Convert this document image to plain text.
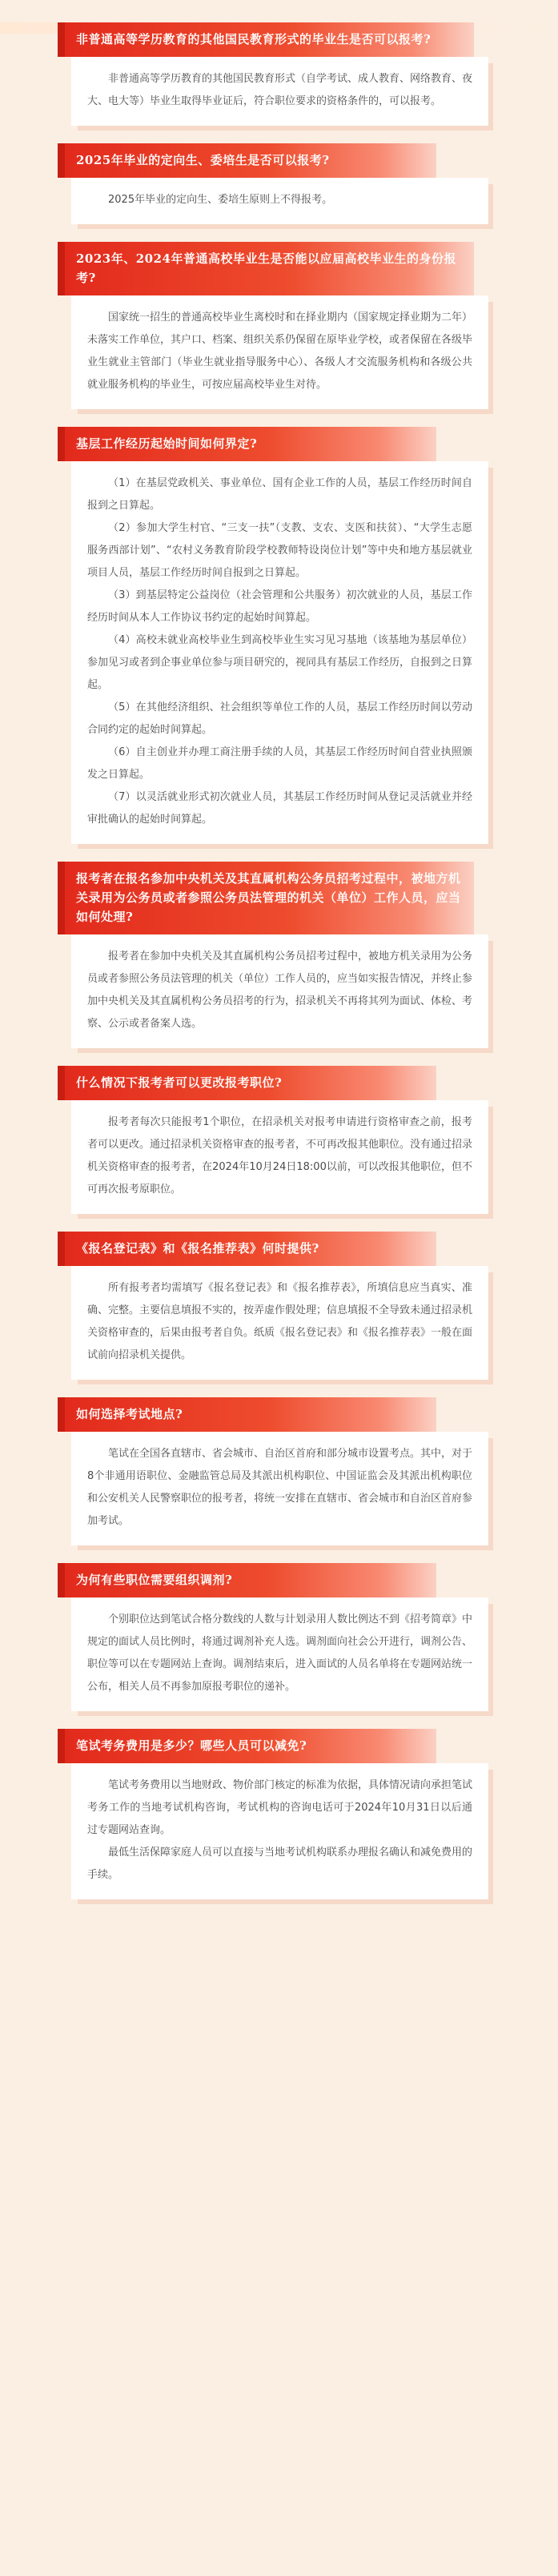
非普通高等学历教育的其他国民教育形式的毕业生是否可以报考?

非普通高等学历教育的其他国民教育形式（自学考试、成人教育、网络教育、夜大、电大等）毕业生取得毕业证后，符合职位要求的资格条件的，可以报考。

2025年毕业的定向生、委培生是否可以报考?

2025年毕业的定向生、委培生原则上不得报考。

2023年、2024年普通高校毕业生是否能以应届高校毕业生的身份报考?

国家统一招生的普通高校毕业生离校时和在择业期内（国家规定择业期为二年）未落实工作单位，其户口、档案、组织关系仍保留在原毕业学校，或者保留在各级毕业生就业主管部门（毕业生就业指导服务中心）、各级人才交流服务机构和各级公共就业服务机构的毕业生，可按应届高校毕业生对待。

基层工作经历起始时间如何界定?

（1）在基层党政机关、事业单位、国有企业工作的人员，基层工作经历时间自报到之日算起。

（2）参加大学生村官、“三支一扶”（支教、支农、支医和扶贫）、“大学生志愿服务西部计划”、“农村义务教育阶段学校教师特设岗位计划”等中央和地方基层就业项目人员，基层工作经历时间自报到之日算起。

（3）到基层特定公益岗位（社会管理和公共服务）初次就业的人员，基层工作经历时间从本人工作协议书约定的起始时间算起。

（4）高校未就业高校毕业生到高校毕业生实习见习基地（该基地为基层单位）参加见习或者到企事业单位参与项目研究的，视同具有基层工作经历，自报到之日算起。

（5）在其他经济组织、社会组织等单位工作的人员，基层工作经历时间以劳动合同约定的起始时间算起。

（6）自主创业并办理工商注册手续的人员，其基层工作经历时间自营业执照颁发之日算起。

（7）以灵活就业形式初次就业人员，其基层工作经历时间从登记灵活就业并经审批确认的起始时间算起。

报考者在报名参加中央机关及其直属机构公务员招考过程中，被地方机关录用为公务员或者参照公务员法管理的机关（单位）工作人员，应当如何处理?

报考者在参加中央机关及其直属机构公务员招考过程中，被地方机关录用为公务员或者参照公务员法管理的机关（单位）工作人员的，应当如实报告情况，并终止参加中央机关及其直属机构公务员招考的行为，招录机关不再将其列为面试、体检、考察、公示或者备案人选。

什么情况下报考者可以更改报考职位?

报考者每次只能报考1个职位，在招录机关对报考申请进行资格审查之前，报考者可以更改。通过招录机关资格审查的报考者，不可再改报其他职位。没有通过招录机关资格审查的报考者，在2024年10月24日18:00以前，可以改报其他职位，但不可再次报考原职位。

《报名登记表》和《报名推荐表》何时提供?

所有报考者均需填写《报名登记表》和《报名推荐表》，所填信息应当真实、准确、完整。主要信息填报不实的，按弄虚作假处理；信息填报不全导致未通过招录机关资格审查的，后果由报考者自负。纸质《报名登记表》和《报名推荐表》一般在面试前向招录机关提供。

如何选择考试地点?

笔试在全国各直辖市、省会城市、自治区首府和部分城市设置考点。其中，对于8个非通用语职位、金融监管总局及其派出机构职位、中国证监会及其派出机构职位和公安机关人民警察职位的报考者，将统一安排在直辖市、省会城市和自治区首府参加考试。

为何有些职位需要组织调剂?

个别职位达到笔试合格分数线的人数与计划录用人数比例达不到《招考简章》中规定的面试人员比例时，将通过调剂补充人选。调剂面向社会公开进行，调剂公告、职位等可以在专题网站上查询。调剂结束后，进入面试的人员名单将在专题网站统一公布，相关人员不再参加原报考职位的递补。

笔试考务费用是多少？哪些人员可以减免?

笔试考务费用以当地财政、物价部门核定的标准为依据，具体情况请向承担笔试考务工作的当地考试机构咨询，考试机构的咨询电话可于2024年10月31日以后通过专题网站查询。

最低生活保障家庭人员可以直接与当地考试机构联系办理报名确认和减免费用的手续。
